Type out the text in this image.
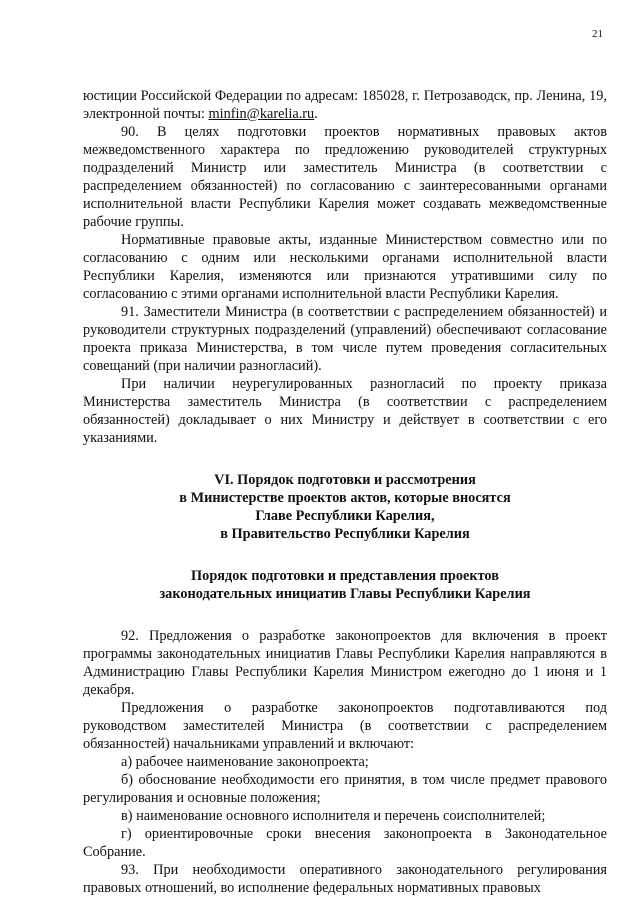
21

юстиции Российской Федерации по адресам: 185028, г. Петрозаводск, пр. Ленина, 19, электронной почты: minfin@karelia.ru.

90. В целях подготовки проектов нормативных правовых актов межведомственного характера по предложению руководителей структурных подразделений Министр или заместитель Министра (в соответствии с распределением обязанностей) по согласованию с заинтересованными органами исполнительной власти Республики Карелия может создавать межведомственные рабочие группы.

Нормативные правовые акты, изданные Министерством совместно или по согласованию с одним или несколькими органами исполнительной власти Республики Карелия, изменяются или признаются утратившими силу по согласованию с этими органами исполнительной власти Республики Карелия.

91. Заместители Министра (в соответствии с распределением обязанностей) и руководители структурных подразделений (управлений) обеспечивают согласование проекта приказа Министерства, в том числе путем проведения согласительных совещаний (при наличии разногласий).

При наличии неурегулированных разногласий по проекту приказа Министерства заместитель Министра (в соответствии с распределением обязанностей) докладывает о них Министру и действует в соответствии с его указаниями.

VI. Порядок подготовки и рассмотрения

в Министерстве проектов актов, которые вносятся

Главе Республики Карелия,

в Правительство Республики Карелия

Порядок подготовки и представления проектов

законодательных инициатив Главы Республики Карелия

92. Предложения о разработке законопроектов для включения в проект программы законодательных инициатив Главы Республики Карелия направляются в Администрацию Главы Республики Карелия Министром ежегодно до 1 июня и 1 декабря.

Предложения о разработке законопроектов подготавливаются под руководством заместителей Министра (в соответствии с распределением обязанностей) начальниками управлений и включают:

а) рабочее наименование законопроекта;

б) обоснование необходимости его принятия, в том числе предмет правового регулирования и основные положения;

в) наименование основного исполнителя и перечень соисполнителей;

г) ориентировочные сроки внесения законопроекта в Законодательное Собрание.

93. При необходимости оперативного законодательного регулирования правовых отношений, во исполнение федеральных нормативных правовых
